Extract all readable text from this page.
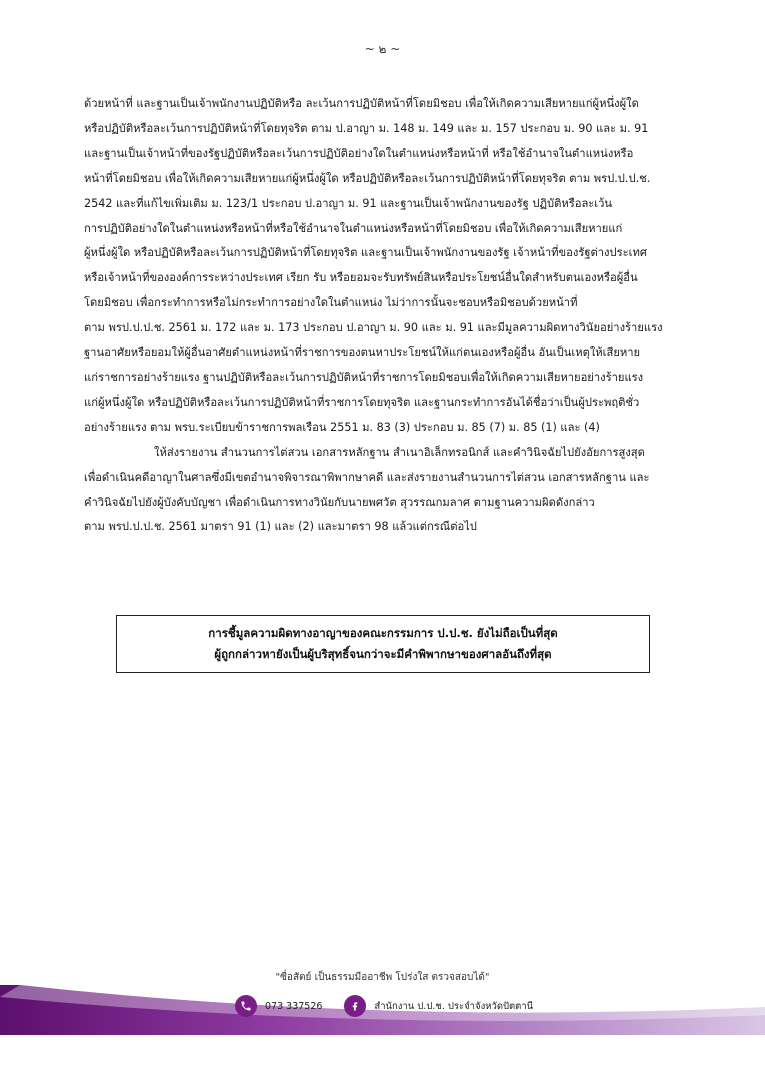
~ ๒ ~
ด้วยหน้าที่ และฐานเป็นเจ้าพนักงานปฏิบัติหรือ ละเว้นการปฏิบัติหน้าที่โดยมิชอบ เพื่อให้เกิดความเสียหายแก่ผู้หนึ่งผู้ใด
หรือปฏิบัติหรือละเว้นการปฏิบัติหน้าที่โดยทุจริต ตาม ป.อาญา ม. 148 ม. 149 และ ม. 157 ประกอบ ม. 90 และ ม. 91
และฐานเป็นเจ้าหน้าที่ของรัฐปฏิบัติหรือละเว้นการปฏิบัติอย่างใดในตำแหน่งหรือหน้าที่ หรือใช้อำนาจในตำแหน่งหรือ
หน้าที่โดยมิชอบ เพื่อให้เกิดความเสียหายแก่ผู้หนึ่งผู้ใด หรือปฏิบัติหรือละเว้นการปฏิบัติหน้าที่โดยทุจริต ตาม พรป.ป.ป.ช.
2542 และที่แก้ไขเพิ่มเติม ม. 123/1 ประกอบ ป.อาญา ม. 91 และฐานเป็นเจ้าพนักงานของรัฐ ปฏิบัติหรือละเว้น
การปฏิบัติอย่างใดในตำแหน่งหรือหน้าที่หรือใช้อำนาจในตำแหน่งหรือหน้าที่โดยมิชอบ เพื่อให้เกิดความเสียหายแก่
ผู้หนึ่งผู้ใด หรือปฏิบัติหรือละเว้นการปฏิบัติหน้าที่โดยทุจริต และฐานเป็นเจ้าพนักงานของรัฐ เจ้าหน้าที่ของรัฐต่างประเทศ
หรือเจ้าหน้าที่ขององค์การระหว่างประเทศ เรียก รับ หรือยอมจะรับทรัพย์สินหรือประโยชน์อื่นใดสำหรับตนเองหรือผู้อื่น
โดยมิชอบ เพื่อกระทำการหรือไม่กระทำการอย่างใดในตำแหน่ง ไม่ว่าการนั้นจะชอบหรือมิชอบด้วยหน้าที่
ตาม พรป.ป.ป.ช. 2561 ม. 172 และ ม. 173 ประกอบ ป.อาญา ม. 90 และ ม. 91 และมีมูลความผิดทางวินัยอย่างร้ายแรง
ฐานอาศัยหรือยอมให้ผู้อื่นอาศัยตำแหน่งหน้าที่ราชการของตนหาประโยชน์ให้แก่ตนเองหรือผู้อื่น อันเป็นเหตุให้เสียหาย
แก่ราชการอย่างร้ายแรง ฐานปฏิบัติหรือละเว้นการปฏิบัติหน้าที่ราชการโดยมิชอบเพื่อให้เกิดความเสียหายอย่างร้ายแรง
แก่ผู้หนึ่งผู้ใด หรือปฏิบัติหรือละเว้นการปฏิบัติหน้าที่ราชการโดยทุจริต และฐานกระทำการอันได้ชื่อว่าเป็นผู้ประพฤติชั่ว
อย่างร้ายแรง ตาม พรบ.ระเบียบข้าราชการพลเรือน 2551 ม. 83 (3) ประกอบ ม. 85 (7) ม. 85 (1) และ (4)
ให้ส่งรายงาน สำนวนการไต่สวน เอกสารหลักฐาน สำเนาอิเล็กทรอนิกส์ และคำวินิจฉัยไปยังอัยการสูงสุด
เพื่อดำเนินคดีอาญาในศาลซึ่งมีเขตอำนาจพิจารณาพิพากษาคดี และส่งรายงานสำนวนการไต่สวน เอกสารหลักฐาน และ
คำวินิจฉัยไปยังผู้บังคับบัญชา เพื่อดำเนินการทางวินัยกับนายพศวัต สุวรรณกมลาศ ตามฐานความผิดดังกล่าว
ตาม พรป.ป.ป.ช. 2561 มาตรา 91 (1) และ (2) และมาตรา 98 แล้วแต่กรณีต่อไป
การชี้มูลความผิดทางอาญาของคณะกรรมการ ป.ป.ช. ยังไม่ถือเป็นที่สุด
ผู้ถูกกล่าวหายังเป็นผู้บริสุทธิ์จนกว่าจะมีคำพิพากษาของศาลอันถึงที่สุด
"ซื่อสัตย์ เป็นธรรมมืออาชีพ โปร่งใส ตรวจสอบได้"
073 337526	สำนักงาน ป.ป.ช. ประจำจังหวัดปัตตานี
